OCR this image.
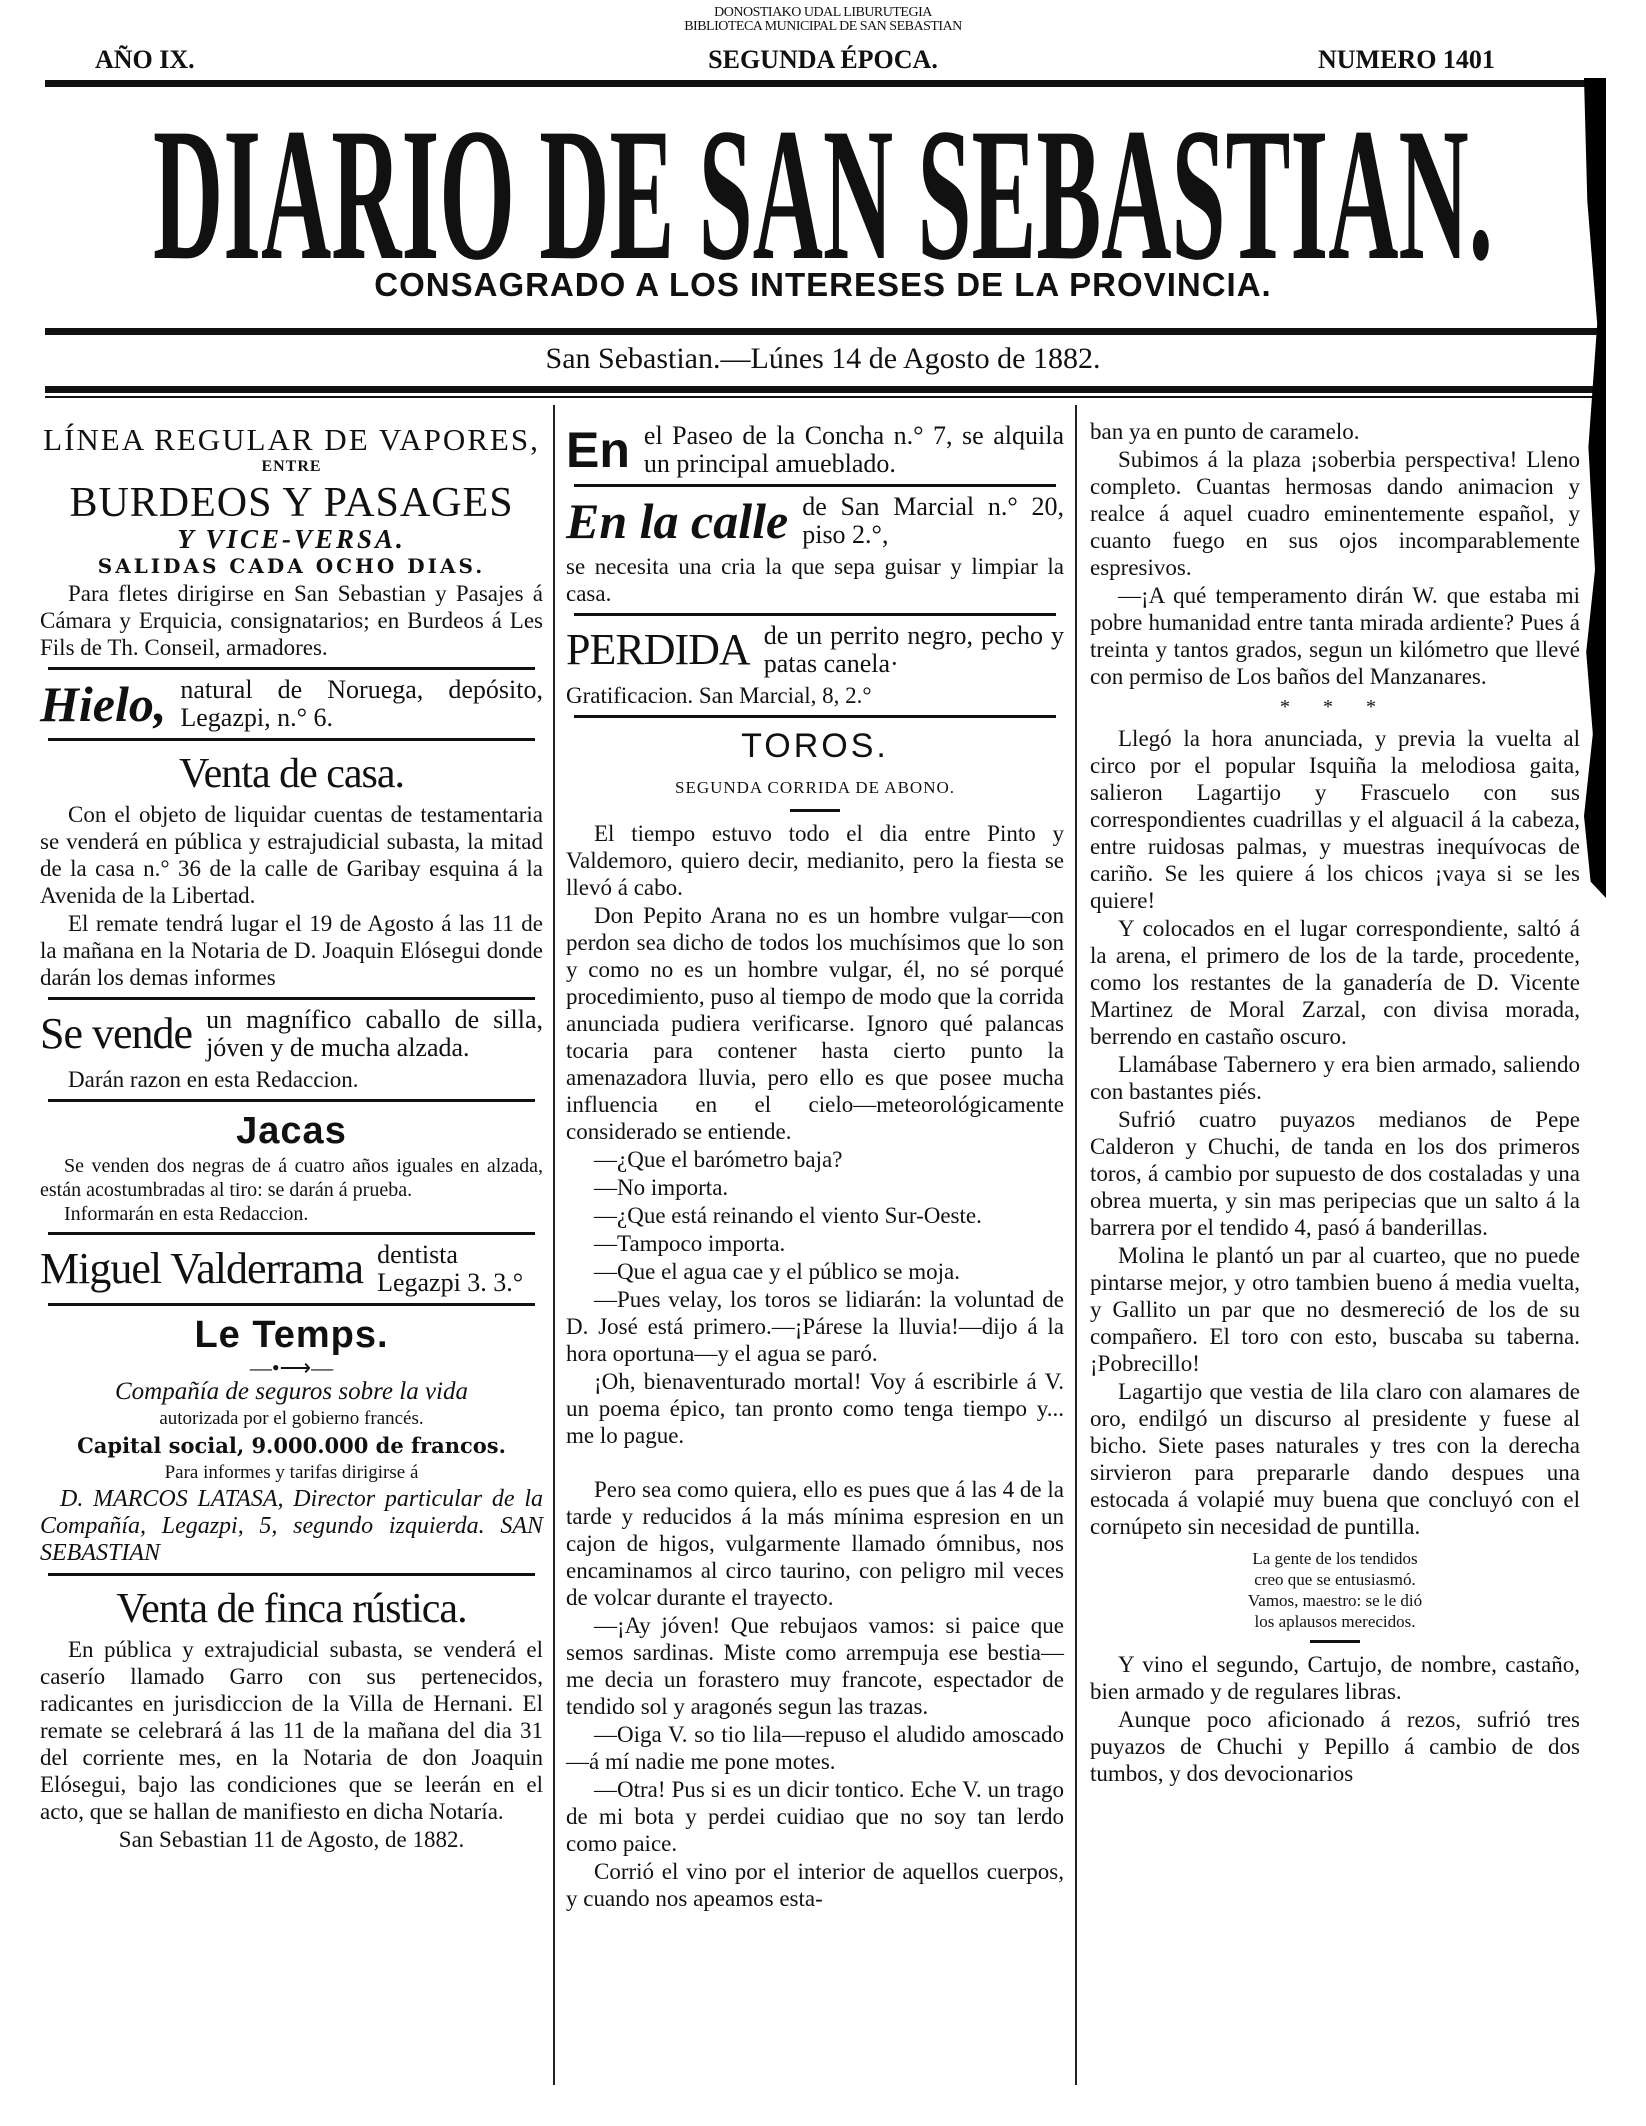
DONOSTIAKO UDAL LIBURUTEGIA
BIBLIOTECA MUNICIPAL DE SAN SEBASTIAN
AÑO IX.	SEGUNDA ÉPOCA.	NUMERO 1401
DIARIO DE SAN SEBASTIAN.
CONSAGRADO A LOS INTERESES DE LA PROVINCIA.
San Sebastian.—Lúnes 14 de Agosto de 1882.
LÍNEA REGULAR DE VAPORES,
ENTRE
BURDEOS Y PASAGES
Y VICE-VERSA.
SALIDAS CADA OCHO DIAS.
Para fletes dirigirse en San Sebastian y Pasajes á Cámara y Erquicia, consignatarios; en Burdeos á Les Fils de Th. Conseil, armadores.
Hielo, natural de Noruega, depósito, Legazpi, n.° 6.
Venta de casa.
Con el objeto de liquidar cuentas de testamentaria se venderá en pública y estrajudicial subasta, la mitad de la casa n.° 36 de la calle de Garibay esquina á la Avenida de la Libertad.
El remate tendrá lugar el 19 de Agosto á las 11 de la mañana en la Notaria de D. Joaquin Elósegui donde darán los demas informes
Se vende un magnífico caballo de silla, jóven y de mucha alzada.
Darán razon en esta Redaccion.
Jacas
Se venden dos negras de á cuatro años iguales en alzada, están acostumbradas al tiro: se darán á prueba.
Informarán en esta Redaccion.
Miguel Valderrama dentista Legazpi 3. 3.°
Le Temps.
—•⟶—
Compañía de seguros sobre la vida
autorizada por el gobierno francés.
Capital social, 9.000.000 de francos.
Para informes y tarifas dirigirse á
D. MARCOS LATASA, Director particular de la Compañía, Legazpi, 5, segundo izquierda. SAN SEBASTIAN
Venta de finca rústica.
En pública y extrajudicial subasta, se venderá el caserío llamado Garro con sus pertenecidos, radicantes en jurisdiccion de la Villa de Hernani. El remate se celebrará á las 11 de la mañana del dia 31 del corriente mes, en la Notaria de don Joaquin Elósegui, bajo las condiciones que se leerán en el acto, que se hallan de manifiesto en dicha Notaría.
San Sebastian 11 de Agosto, de 1882.
En el Paseo de la Concha n.° 7, se alquila un principal amueblado.
En la calle de San Marcial n.° 20, piso 2.°,
se necesita una cria la que sepa guisar y limpiar la casa.
PERDIDA de un perrito negro, pecho y patas canela·
Gratificacion. San Marcial, 8, 2.°
TOROS.
SEGUNDA CORRIDA DE ABONO.
El tiempo estuvo todo el dia entre Pinto y Valdemoro, quiero decir, medianito, pero la fiesta se llevó á cabo.
Don Pepito Arana no es un hombre vulgar—con perdon sea dicho de todos los muchísimos que lo son y como no es un hombre vulgar, él, no sé porqué procedimiento, puso al tiempo de modo que la corrida anunciada pudiera verificarse. Ignoro qué palancas tocaria para contener hasta cierto punto la amenazadora lluvia, pero ello es que posee mucha influencia en el cielo—meteorológicamente considerado se entiende.
—¿Que el barómetro baja?
—No importa.
—¿Que está reinando el viento Sur-Oeste.
—Tampoco importa.
—Que el agua cae y el público se moja.
—Pues velay, los toros se lidiarán: la voluntad de D. José está primero.—¡Párese la lluvia!—dijo á la hora oportuna—y el agua se paró.
¡Oh, bienaventurado mortal! Voy á escribirle á V. un poema épico, tan pronto como tenga tiempo y... me lo pague.
Pero sea como quiera, ello es pues que á las 4 de la tarde y reducidos á la más mínima espresion en un cajon de higos, vulgarmente llamado ómnibus, nos encaminamos al circo taurino, con peligro mil veces de volcar durante el trayecto.
—¡Ay jóven! Que rebujaos vamos: si paice que semos sardinas. Miste como arrempuja ese bestia—me decia un forastero muy francote, espectador de tendido sol y aragonés segun las trazas.
—Oiga V. so tio lila—repuso el aludido amoscado—á mí nadie me pone motes.
—Otra! Pus si es un dicir tontico. Eche V. un trago de mi bota y perdei cuidiao que no soy tan lerdo como paice.
Corrió el vino por el interior de aquellos cuerpos, y cuando nos apeamos esta-
ban ya en punto de caramelo.
Subimos á la plaza ¡soberbia perspectiva! Lleno completo. Cuantas hermosas dando animacion y realce á aquel cuadro eminentemente español, y cuanto fuego en sus ojos incomparablemente espresivos.
—¡A qué temperamento dirán W. que estaba mi pobre humanidad entre tanta mirada ardiente? Pues á treinta y tantos grados, segun un kilómetro que llevé con permiso de Los baños del Manzanares.
* * *
Llegó la hora anunciada, y previa la vuelta al circo por el popular Isquiña la melodiosa gaita, salieron Lagartijo y Frascuelo con sus correspondientes cuadrillas y el alguacil á la cabeza, entre ruidosas palmas, y muestras inequívocas de cariño. Se les quiere á los chicos ¡vaya si se les quiere!
Y colocados en el lugar correspondiente, saltó á la arena, el primero de los de la tarde, procedente, como los restantes de la ganadería de D. Vicente Martinez de Moral Zarzal, con divisa morada, berrendo en castaño oscuro.
Llamábase Tabernero y era bien armado, saliendo con bastantes piés.
Sufrió cuatro puyazos medianos de Pepe Calderon y Chuchi, de tanda en los dos primeros toros, á cambio por supuesto de dos costaladas y una obrea muerta, y sin mas peripecias que un salto á la barrera por el tendido 4, pasó á banderillas.
Molina le plantó un par al cuarteo, que no puede pintarse mejor, y otro tambien bueno á media vuelta, y Gallito un par que no desmereció de los de su compañero. El toro con esto, buscaba su taberna. ¡Pobrecillo!
Lagartijo que vestia de lila claro con alamares de oro, endilgó un discurso al presidente y fuese al bicho. Siete pases naturales y tres con la derecha sirvieron para prepararle dando despues una estocada á volapié muy buena que concluyó con el cornúpeto sin necesidad de puntilla.
La gente de los tendidos
creo que se entusiasmó.
Vamos, maestro: se le dió
los aplausos merecidos.
Y vino el segundo, Cartujo, de nombre, castaño, bien armado y de regulares libras.
Aunque poco aficionado á rezos, sufrió tres puyazos de Chuchi y Pepillo á cambio de dos tumbos, y dos devocionarios
